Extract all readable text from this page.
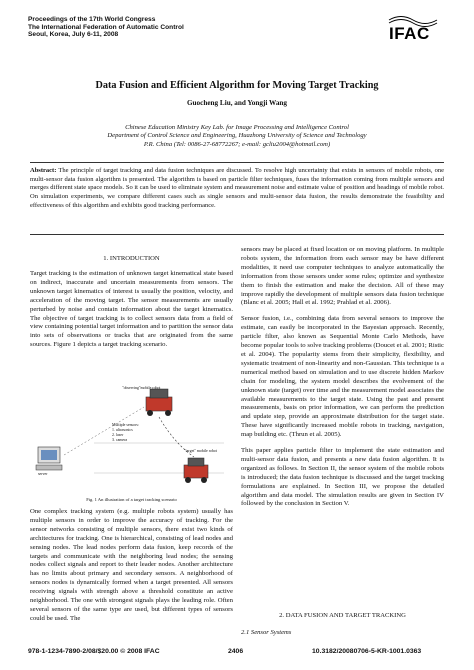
Proceedings of the 17th World Congress
The International Federation of Automatic Control
Seoul, Korea, July 6-11, 2008	IFAC
Data Fusion and Efficient Algorithm for Moving Target Tracking
Guocheng Liu, and Yongji Wang
Chinese Education Ministry Key Lab. for Image Processing and Intelligence Control
Department of Control Science and Engineering, Huazhong University of Science and Technology
P.R. China (Tel: 0086-27-68772267; e-mail: gcliu2004@hotmail.com)
Abstract: The principle of target tracking and data fusion techniques are discussed. To resolve high uncertainty that exists in sensors of mobile robots, one multi-sensor data fusion algorithm is presented. The algorithm is based on particle filter techniques, fuses the information coming from multiple sensors and merges different state space models. So it can be used to eliminate system and measurement noise and estimate value of position and headings of mobile robot. On simulation experiments, we compare different cases such as single sensors and multi-sensor data fusion, the results demonstrate the feasibility and effectiveness of this algorithm and exhibits good tracking performance.
1. INTRODUCTION

Target tracking is the estimation of unknown target kinematical state based on indirect, inaccurate and uncertain measurements from sensors. The unknown target kinematics of interest is usually the position, velocity, and acceleration of the moving target. The sensor measurements are usually perturbed by noise and contain information about the target kinematics. The objective of target tracking is to collect sensors data from a field of view containing potential target information and to partition the sensor data into sets of observations or tracks that are originated from the same sources. Figure 1 depicts a target tracking scenario.

"observing"mobile robot
Multiple sensors:
1. ultrasonics
2. laser
3. camera
"target" mobile robot
server
Fig. 1 An illustration of a target tracking scenario

One complex tracking system (e.g. multiple robots system) usually has multiple sensors in order to improve the accuracy of tracking. For the sensor networks consisting of multiple sensors, there exist two kinds of architectures for tracking. One is hierarchical, consisting of lead nodes and sensing nodes. The lead nodes perform data fusion, keep records of the targets and communicate with the neighboring lead nodes; the sensing nodes collect signals and report to their leader nodes. Another architecture has no limits about primary and secondary sensors. A neighborhood of sensors nodes is dynamically formed when a target presented. All sensors receiving signals with strength above a threshold constitute an active neighborhood. The one with strongest signals plays the leading role. Often several sensors of the same type are used, but different types of sensors could be used. The

sensors may be placed at fixed location or on moving platform. In multiple robots system, the information from each sensor may be have different modalities, it need use computer techniques to analyze automatically the information from those sensors under some rules; optimize and synthesize them to finish the estimation and make the decision. All of these may improve rapidly the development of multiple sensors data fusion technique (Blanc et al. 2005; Hall et al. 1992; Prahlad et al. 2006).

Sensor fusion, i.e., combining data from several sensors to improve the estimate, can easily be incorporated in the Bayesian approach. Recently, particle filter, also known as Sequential Monte Carlo Methods, have become popular tools to solve tracking problems (Doucet et al. 2001; Ristic et al. 2004). The popularity stems from their simplicity, flexibility, and systematic treatment of non-linearity and non-Gaussian. This technique is a numerical method based on simulation and to use discrete hidden Markov chain for modeling, the system model describes the evolvement of the unknown state (target) over time and the measurement model associates the available measurements to the target state. Using the past and present measurements, basis on prior information, we can perform the prediction and update step, provide an approximate distribution for the target state. These have significantly increased mobile robots in tracking, navigation, map building etc. (Thrun et al. 2005).

This paper applies particle filter to implement the state estimation and multi-sensor data fusion, and presents a new data fusion algorithm. It is organized as follows. In Section II, the sensor system of the mobile robots is introduced; the data fusion technique is discussed and the target tracking formulations are explained. In Section III, we propose the detailed algorithm and data model. The simulation results are given in Section IV followed by the conclusion in Section V.

2. DATA FUSION AND TARGET TRACKING
2.1 Sensor Systems
978-1-1234-7890-2/08/$20.00 © 2008 IFAC	2406	10.3182/20080706-5-KR-1001.0363
